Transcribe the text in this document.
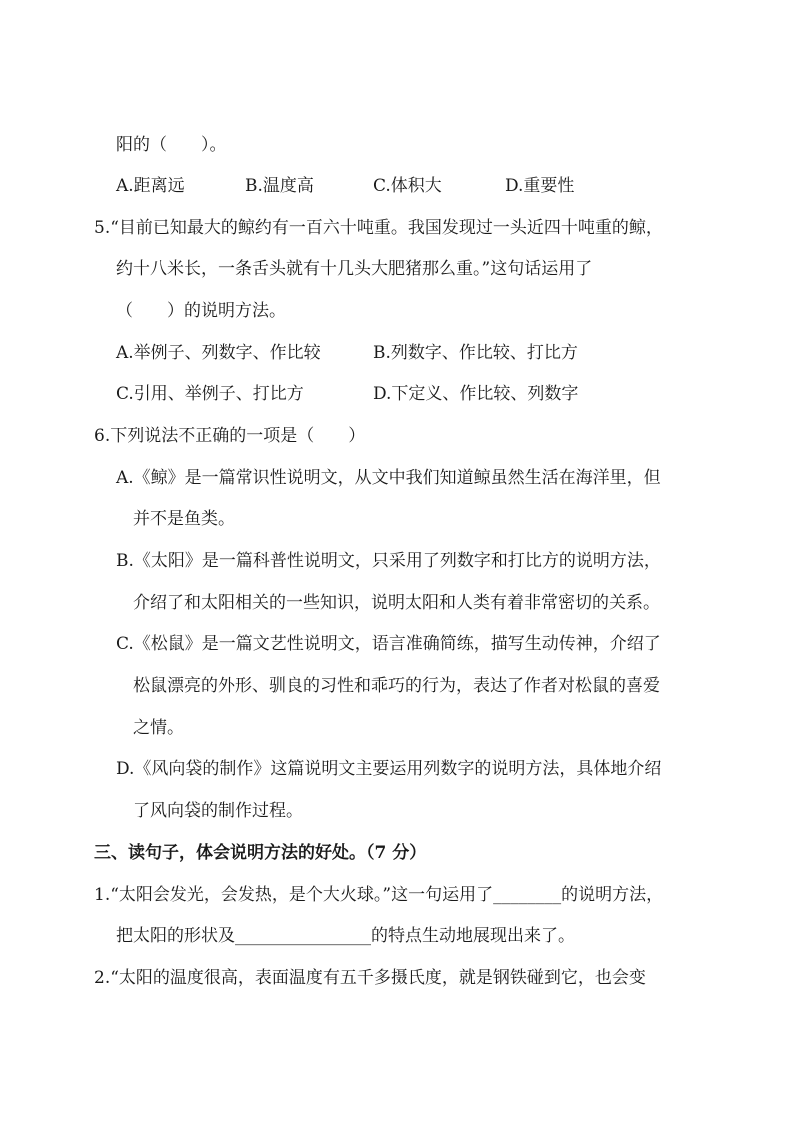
阳的（　　）。
A.距离远	B.温度高	C.体积大	D.重要性
5.“目前已知最大的鲸约有一百六十吨重。我国发现过一头近四十吨重的鲸，
约十八米长，一条舌头就有十几头大肥猪那么重。”这句话运用了
（　　）的说明方法。
A.举例子、列数字、作比较	B.列数字、作比较、打比方
C.引用、举例子、打比方	D.下定义、作比较、列数字
6.下列说法不正确的一项是（　　）
A.《鲸》是一篇常识性说明文，从文中我们知道鲸虽然生活在海洋里，但
并不是鱼类。
B.《太阳》是一篇科普性说明文，只采用了列数字和打比方的说明方法，
介绍了和太阳相关的一些知识，说明太阳和人类有着非常密切的关系。
C.《松鼠》是一篇文艺性说明文，语言准确简练，描写生动传神，介绍了
松鼠漂亮的外形、驯良的习性和乖巧的行为，表达了作者对松鼠的喜爱
之情。
D.《风向袋的制作》这篇说明文主要运用列数字的说明方法，具体地介绍
了风向袋的制作过程。
三、读句子，体会说明方法的好处。（7 分）
1.“太阳会发光，会发热，是个大火球。”这一句运用了________的说明方法，
把太阳的形状及________________的特点生动地展现出来了。
2.“太阳的温度很高，表面温度有五千多摄氏度，就是钢铁碰到它，也会变
